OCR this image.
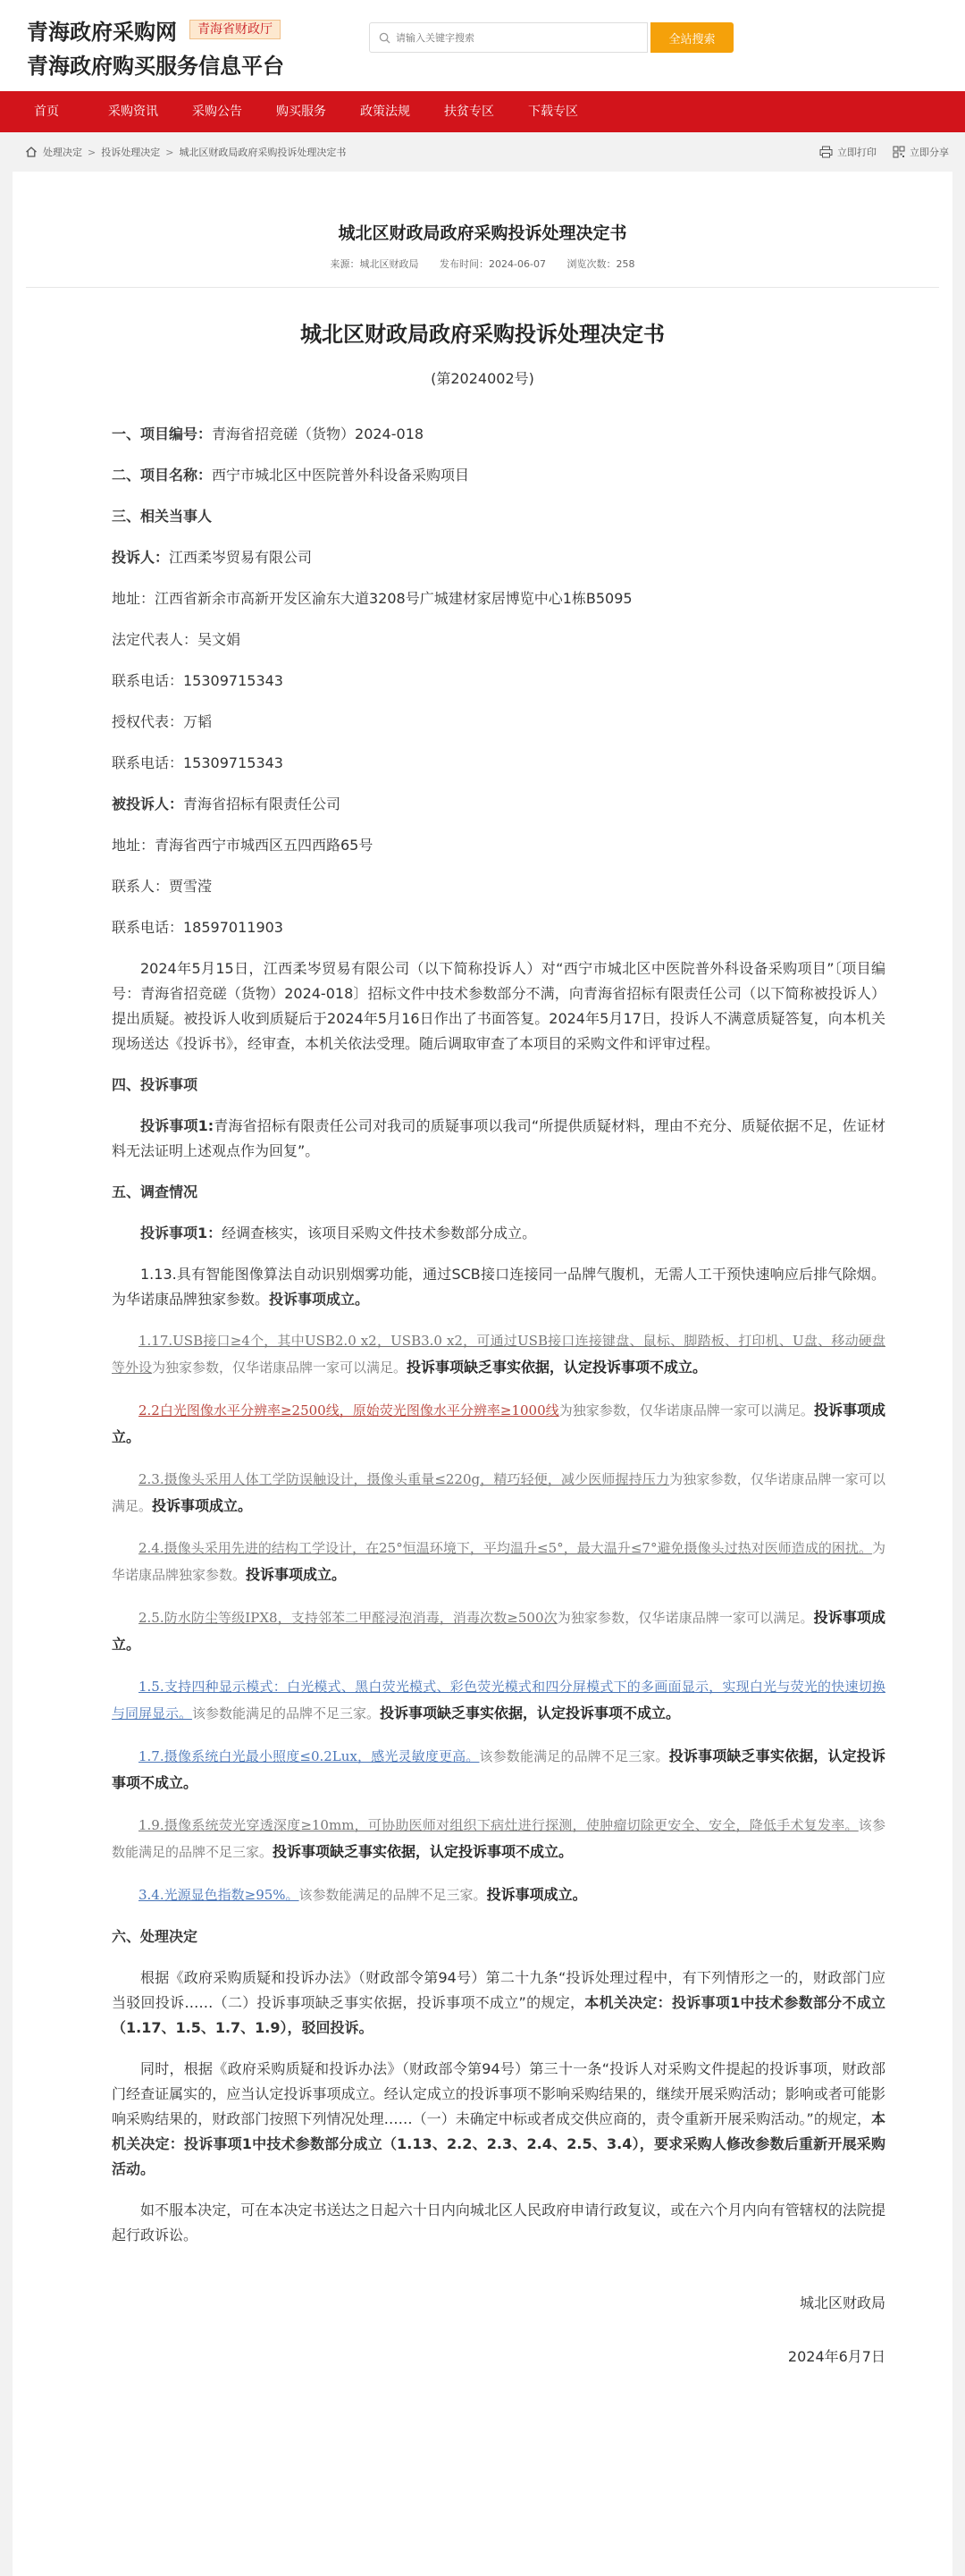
青海政府采购网	青海省财政厅
青海政府购买服务信息平台
请输入关键字搜索
全站搜索
首页	采购资讯	采购公告	购买服务	政策法规	扶贫专区	下载专区
处理决定 > 投诉处理决定 > 城北区财政局政府采购投诉处理决定书	立即打印	立即分享
城北区财政局政府采购投诉处理决定书
来源：城北区财政局 发布时间：2024-06-07 浏览次数：258
城北区财政局政府采购投诉处理决定书
(第2024002号)

一、项目编号：青海省招竞磋（货物）2024-018

二、项目名称：西宁市城北区中医院普外科设备采购项目

三、相关当事人

投诉人：江西柔岑贸易有限公司

地址：江西省新余市高新开发区渝东大道3208号广城建材家居博览中心1栋B5095

法定代表人：吴文娟

联系电话：15309715343

授权代表：万韬

联系电话：15309715343

被投诉人：青海省招标有限责任公司

地址：青海省西宁市城西区五四西路65号

联系人：贾雪滢

联系电话：18597011903

2024年5月15日，江西柔岑贸易有限公司（以下简称投诉人）对“西宁市城北区中医院普外科设备采购项目”〔项目编号：青海省招竞磋（货物）2024-018〕招标文件中技术参数部分不满，向青海省招标有限责任公司（以下简称被投诉人）提出质疑。被投诉人收到质疑后于2024年5月16日作出了书面答复。2024年5月17日，投诉人不满意质疑答复，向本机关现场送达《投诉书》，经审查，本机关依法受理。随后调取审查了本项目的采购文件和评审过程。

四、投诉事项

投诉事项1:青海省招标有限责任公司对我司的质疑事项以我司“所提供质疑材料，理由不充分、质疑依据不足，佐证材料无法证明上述观点作为回复”。

五、调查情况

投诉事项1：经调查核实，该项目采购文件技术参数部分成立。

1.13.具有智能图像算法自动识别烟雾功能，通过SCB接口连接同一品牌气腹机，无需人工干预快速响应后排气除烟。为华诺康品牌独家参数。投诉事项成立。

1.17.USB接口≥4个，其中USB2.0 x2，USB3.0 x2，可通过USB接口连接键盘、鼠标、脚踏板、打印机、U盘、移动硬盘等外设为独家参数，仅华诺康品牌一家可以满足。投诉事项缺乏事实依据，认定投诉事项不成立。

2.2白光图像水平分辨率≥2500线，原始荧光图像水平分辨率≥1000线为独家参数，仅华诺康品牌一家可以满足。投诉事项成立。

2.3.摄像头采用人体工学防误触设计，摄像头重量≤220g，精巧轻便，减少医师握持压力为独家参数，仅华诺康品牌一家可以满足。投诉事项成立。

2.4.摄像头采用先进的结构工学设计，在25°恒温环境下，平均温升≤5°，最大温升≤7°避免摄像头过热对医师造成的困扰。为华诺康品牌独家参数。投诉事项成立。

2.5.防水防尘等级IPX8，支持邻苯二甲醛浸泡消毒，消毒次数≥500次为独家参数，仅华诺康品牌一家可以满足。投诉事项成立。

1.5.支持四种显示模式：白光模式、黑白荧光模式、彩色荧光模式和四分屏模式下的多画面显示，实现白光与荧光的快速切换与同屏显示。该参数能满足的品牌不足三家。投诉事项缺乏事实依据，认定投诉事项不成立。

1.7.摄像系统白光最小照度≤0.2Lux，感光灵敏度更高。该参数能满足的品牌不足三家。投诉事项缺乏事实依据，认定投诉事项不成立。

1.9.摄像系统荧光穿透深度≥10mm，可协助医师对组织下病灶进行探测，使肿瘤切除更安全、安全，降低手术复发率。该参数能满足的品牌不足三家。投诉事项缺乏事实依据，认定投诉事项不成立。

3.4.光源显色指数≥95%。该参数能满足的品牌不足三家。投诉事项成立。

六、处理决定

根据《政府采购质疑和投诉办法》（财政部令第94号）第二十九条“投诉处理过程中，有下列情形之一的，财政部门应当驳回投诉……（二）投诉事项缺乏事实依据，投诉事项不成立”的规定，本机关决定：投诉事项1中技术参数部分不成立（1.17、1.5、1.7、1.9），驳回投诉。

同时，根据《政府采购质疑和投诉办法》（财政部令第94号）第三十一条“投诉人对采购文件提起的投诉事项，财政部门经查证属实的，应当认定投诉事项成立。经认定成立的投诉事项不影响采购结果的，继续开展采购活动；影响或者可能影响采购结果的，财政部门按照下列情况处理……（一）未确定中标或者成交供应商的，责令重新开展采购活动。”的规定，本机关决定：投诉事项1中技术参数部分成立（1.13、2.2、2.3、2.4、2.5、3.4），要求采购人修改参数后重新开展采购活动。

如不服本决定，可在本决定书送达之日起六十日内向城北区人民政府申请行政复议，或在六个月内向有管辖权的法院提起行政诉讼。

城北区财政局

2024年6月7日
